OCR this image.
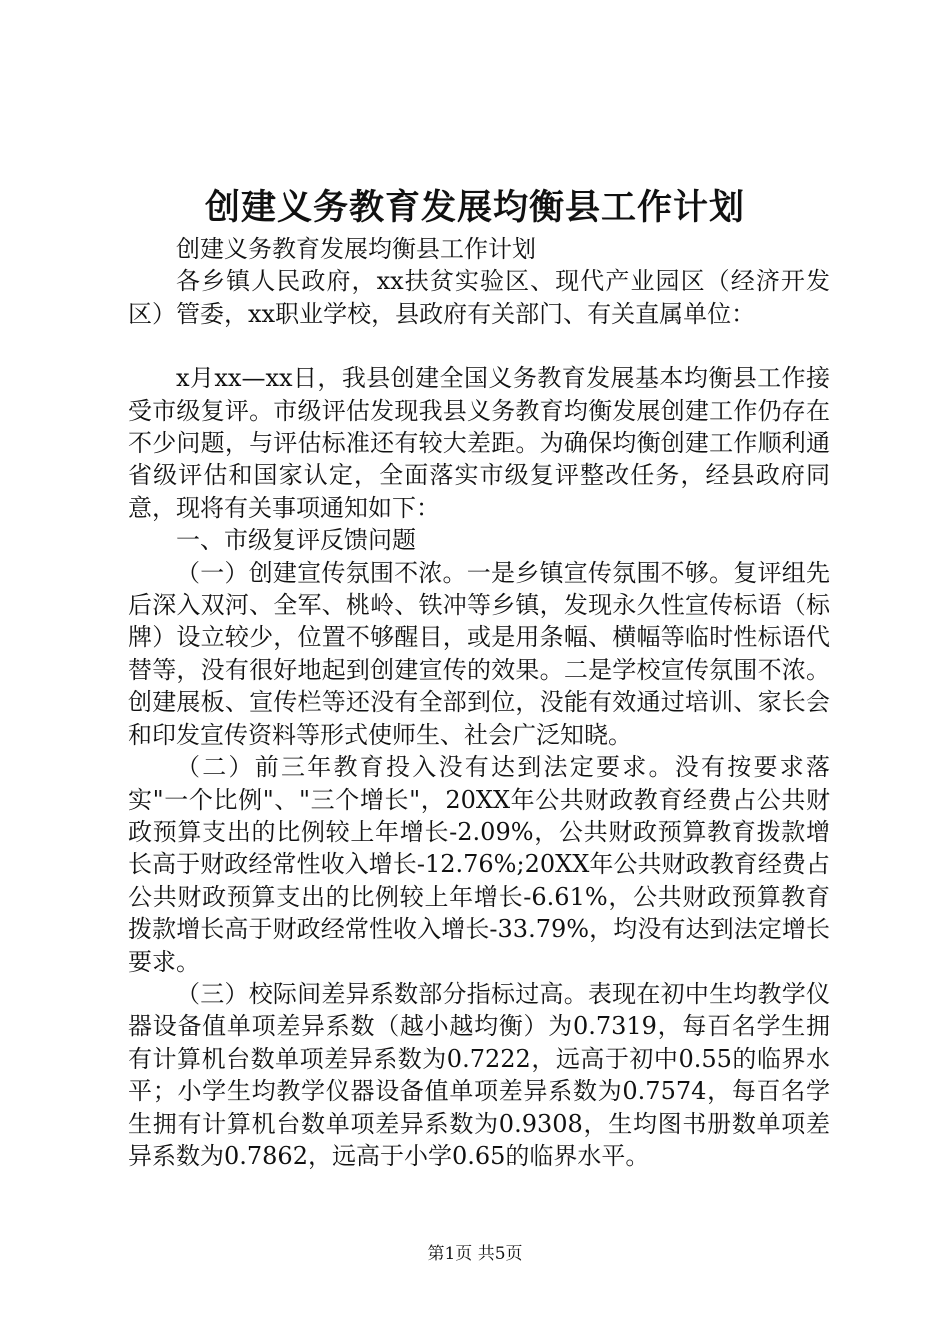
创建义务教育发展均衡县工作计划

创建义务教育发展均衡县工作计划

各乡镇人民政府，xx扶贫实验区、现代产业园区（经济开发区）管委，xx职业学校，县政府有关部门、有关直属单位：

x月xx—xx日，我县创建全国义务教育发展基本均衡县工作接受市级复评。市级评估发现我县义务教育均衡发展创建工作仍存在不少问题，与评估标准还有较大差距。为确保均衡创建工作顺利通省级评估和国家认定，全面落实市级复评整改任务，经县政府同意，现将有关事项通知如下：

一、市级复评反馈问题

（一）创建宣传氛围不浓。一是乡镇宣传氛围不够。复评组先后深入双河、全军、桃岭、铁冲等乡镇，发现永久性宣传标语（标牌）设立较少，位置不够醒目，或是用条幅、横幅等临时性标语代替等，没有很好地起到创建宣传的效果。二是学校宣传氛围不浓。创建展板、宣传栏等还没有全部到位，没能有效通过培训、家长会和印发宣传资料等形式使师生、社会广泛知晓。

（二）前三年教育投入没有达到法定要求。没有按要求落实"一个比例"、"三个增长"，20XX年公共财政教育经费占公共财政预算支出的比例较上年增长-2.09%，公共财政预算教育拨款增长高于财政经常性收入增长-12.76%;20XX年公共财政教育经费占公共财政预算支出的比例较上年增长-6.61%，公共财政预算教育拨款增长高于财政经常性收入增长-33.79%，均没有达到法定增长要求。

（三）校际间差异系数部分指标过高。表现在初中生均教学仪器设备值单项差异系数（越小越均衡）为0.7319，每百名学生拥有计算机台数单项差异系数为0.7222，远高于初中0.55的临界水平；小学生均教学仪器设备值单项差异系数为0.7574，每百名学生拥有计算机台数单项差异系数为0.9308，生均图书册数单项差异系数为0.7862，远高于小学0.65的临界水平。

第1页 共5页
